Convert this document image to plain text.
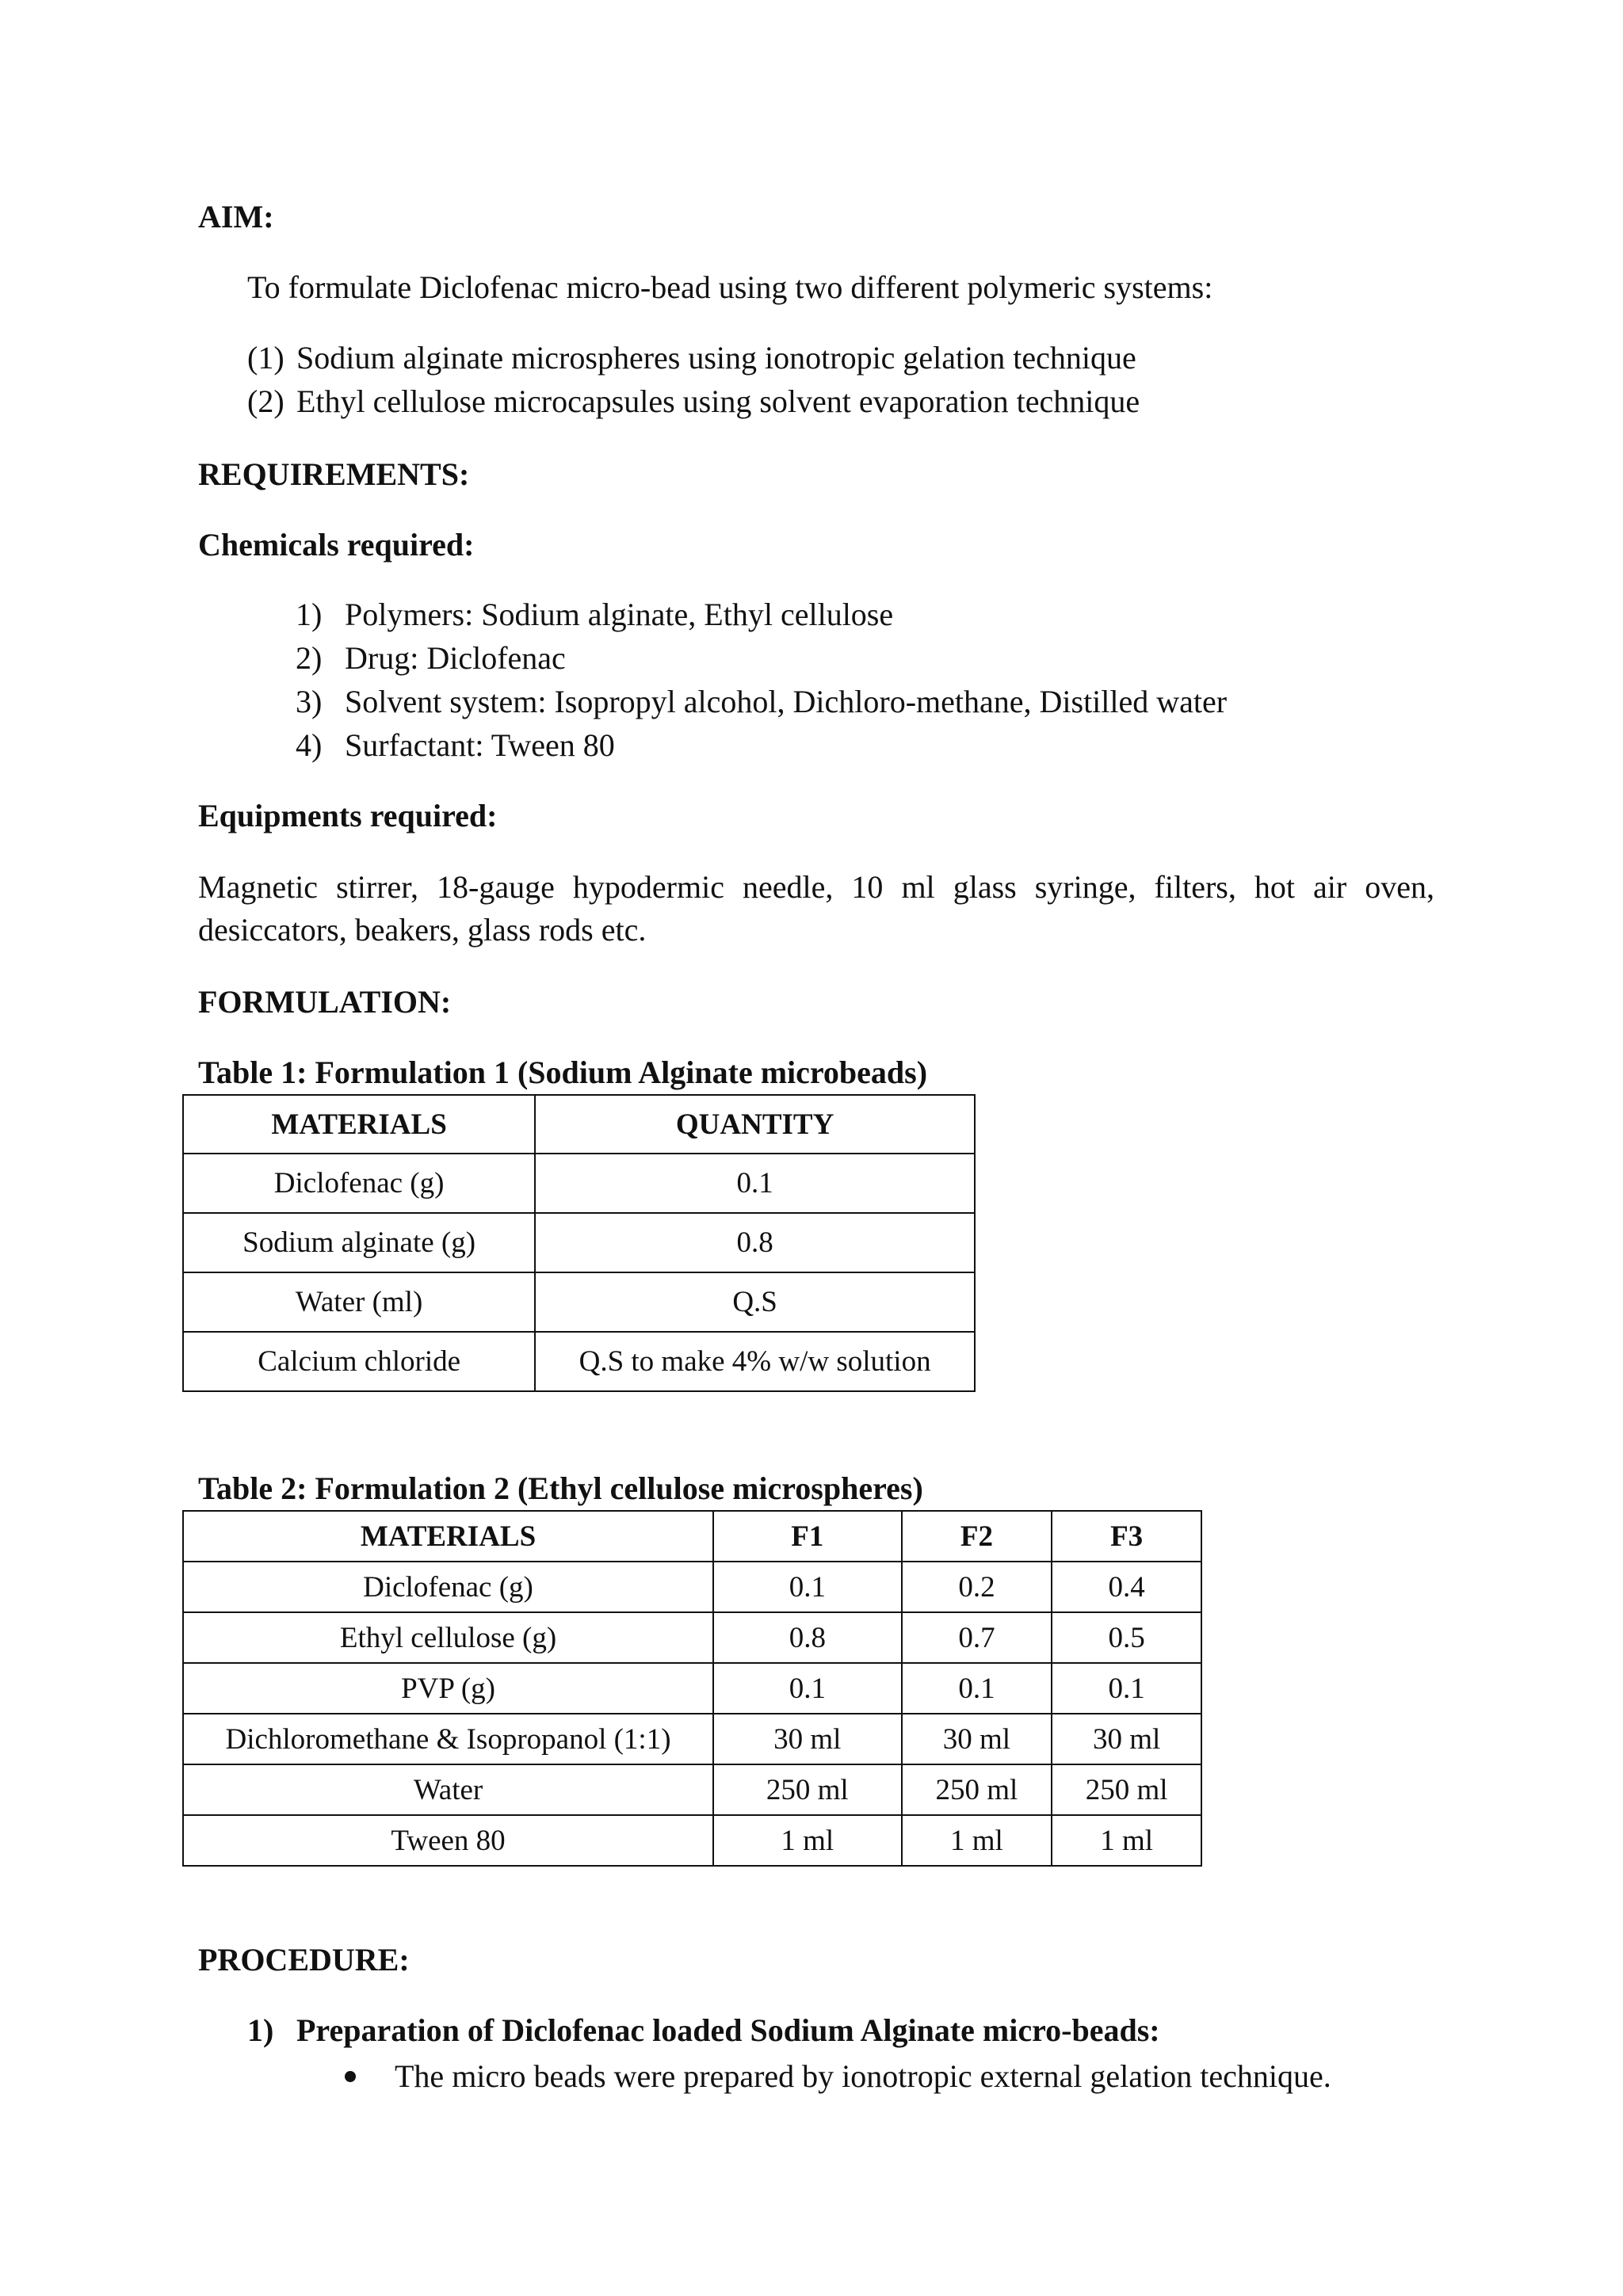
AIM:
To formulate Diclofenac micro-bead using two different polymeric systems:
(1) Sodium alginate microspheres using ionotropic gelation technique
(2) Ethyl cellulose microcapsules using solvent evaporation technique
REQUIREMENTS:
Chemicals required:
1) Polymers: Sodium alginate, Ethyl cellulose
2) Drug: Diclofenac
3) Solvent system: Isopropyl alcohol, Dichloro-methane, Distilled water
4) Surfactant: Tween 80
Equipments required:
Magnetic stirrer, 18-gauge hypodermic needle, 10 ml glass syringe, filters, hot air oven, desiccators, beakers, glass rods etc.
FORMULATION:
Table 1: Formulation 1 (Sodium Alginate microbeads)
MATERIALS	QUANTITY
Diclofenac (g)	0.1
Sodium alginate (g)	0.8
Water (ml)	Q.S
Calcium chloride	Q.S to make 4% w/w solution
Table 2: Formulation 2 (Ethyl cellulose microspheres)
MATERIALS	F1	F2	F3
Diclofenac (g)	0.1	0.2	0.4
Ethyl cellulose (g)	0.8	0.7	0.5
PVP (g)	0.1	0.1	0.1
Dichloromethane & Isopropanol (1:1)	30 ml	30 ml	30 ml
Water	250 ml	250 ml	250 ml
Tween 80	1 ml	1 ml	1 ml
PROCEDURE:
1) Preparation of Diclofenac loaded Sodium Alginate micro-beads:
The micro beads were prepared by ionotropic external gelation technique.
